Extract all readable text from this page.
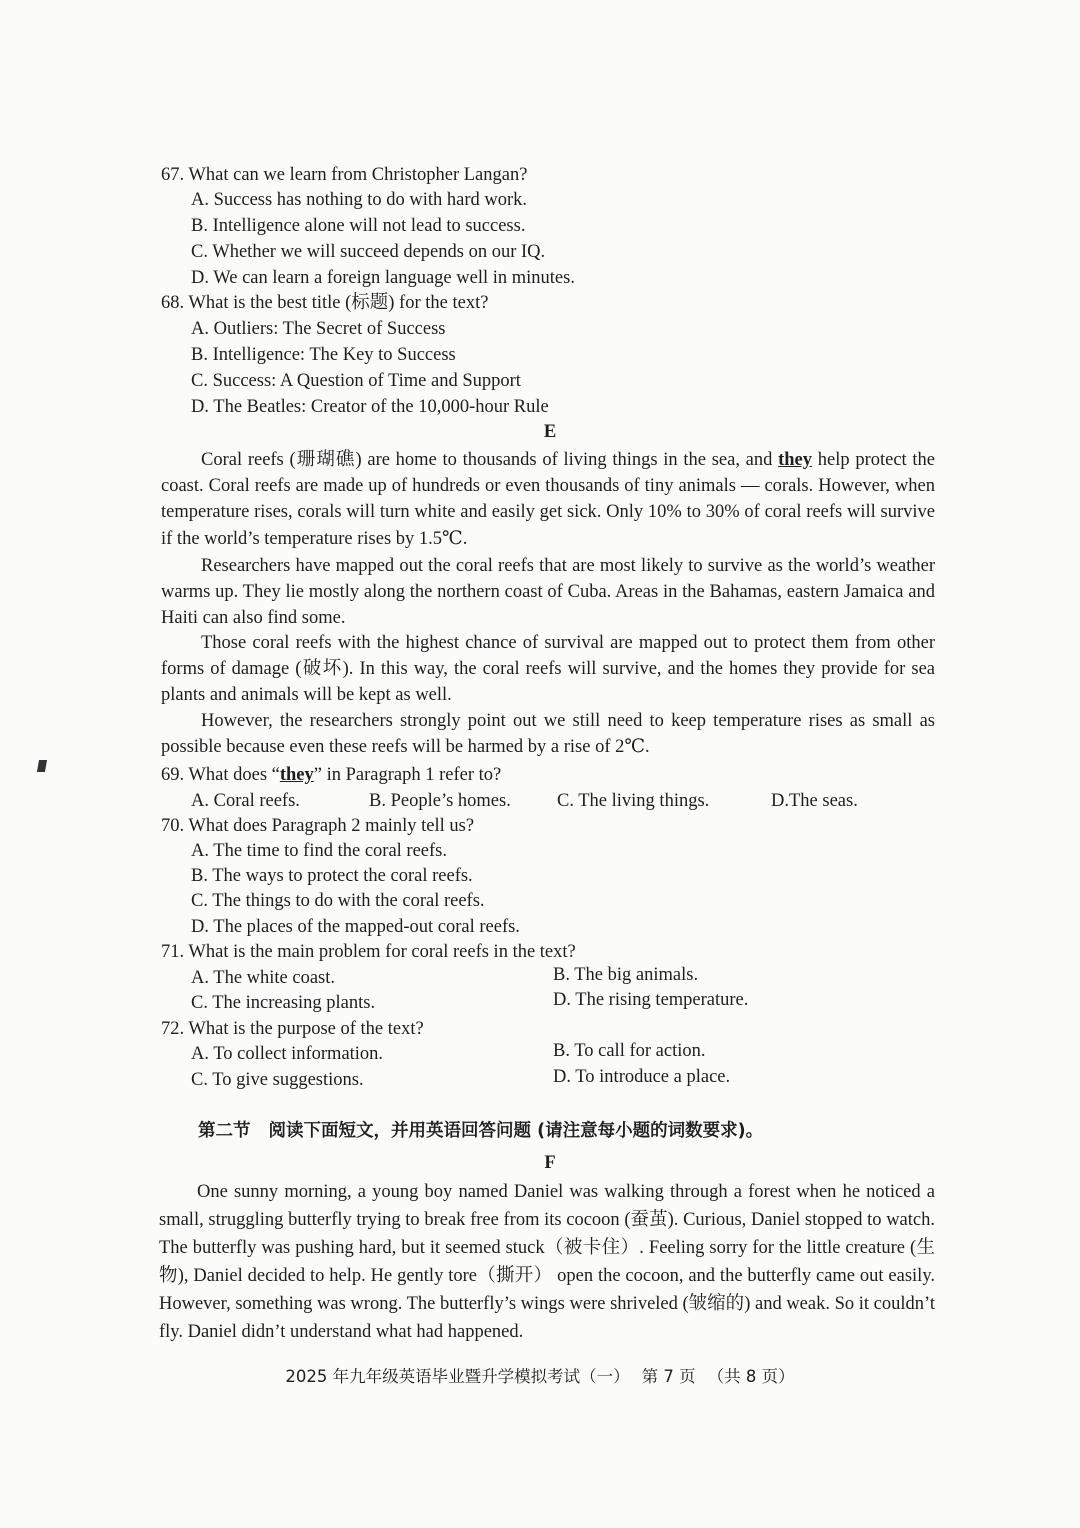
67. What can we learn from Christopher Langan?
A. Success has nothing to do with hard work.
B. Intelligence alone will not lead to success.
C. Whether we will succeed depends on our IQ.
D. We can learn a foreign language well in minutes.
68. What is the best title (标题) for the text?
A. Outliers: The Secret of Success
B. Intelligence: The Key to Success
C. Success: A Question of Time and Support
D. The Beatles: Creator of the 10,000-hour Rule
E
Coral reefs (珊瑚礁) are home to thousands of living things in the sea, and they help protect the coast. Coral reefs are made up of hundreds or even thousands of tiny animals — corals. However, when temperature rises, corals will turn white and easily get sick. Only 10% to 30% of coral reefs will survive if the world’s temperature rises by 1.5℃.
Researchers have mapped out the coral reefs that are most likely to survive as the world’s weather warms up. They lie mostly along the northern coast of Cuba. Areas in the Bahamas, eastern Jamaica and Haiti can also find some.
Those coral reefs with the highest chance of survival are mapped out to protect them from other forms of damage (破坏). In this way, the coral reefs will survive, and the homes they provide for sea plants and animals will be kept as well.
However, the researchers strongly point out we still need to keep temperature rises as small as possible because even these reefs will be harmed by a rise of 2℃.
69. What does “they” in Paragraph 1 refer to?
A. Coral reefs.	B. People’s homes. C. The living things.	D.The seas.
70. What does Paragraph 2 mainly tell us?
A. The time to find the coral reefs.
B. The ways to protect the coral reefs.
C. The things to do with the coral reefs.
D. The places of the mapped-out coral reefs.
71. What is the main problem for coral reefs in the text?
A. The white coast.	B. The big animals.
C. The increasing plants.	D. The rising temperature.
72. What is the purpose of the text?
A. To collect information.	B. To call for action.
C. To give suggestions.	D. To introduce a place.
第二节 阅读下面短文，并用英语回答问题 (请注意每小题的词数要求)。
F
One sunny morning, a young boy named Daniel was walking through a forest when he noticed a small, struggling butterfly trying to break free from its cocoon (蚕茧). Curious, Daniel stopped to watch. The butterfly was pushing hard, but it seemed stuck（被卡住）. Feeling sorry for the little creature (生物), Daniel decided to help. He gently tore（撕开） open the cocoon, and the butterfly came out easily. However, something was wrong. The butterfly’s wings were shriveled (皱缩的) and weak. So it couldn’t fly. Daniel didn’t understand what had happened.
2025 年九年级英语毕业暨升学模拟考试（一） 第 7 页 （共 8 页）
